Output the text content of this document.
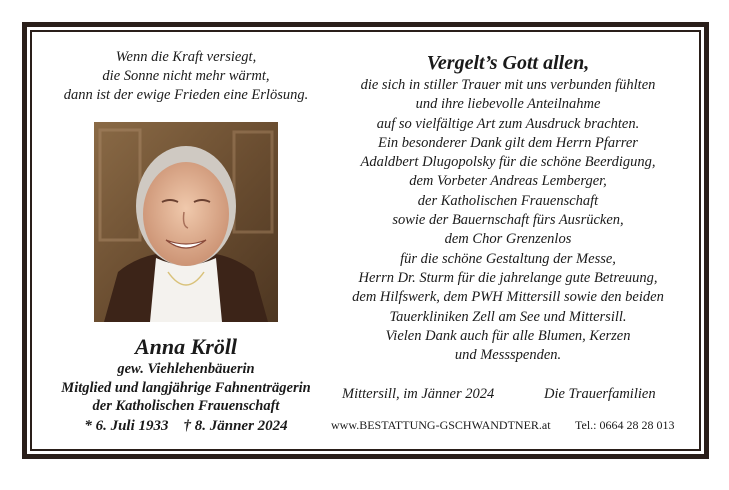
Wenn die Kraft versiegt,
die Sonne nicht mehr wärmt,
dann ist der ewige Frieden eine Erlösung.
Anna Kröll
gew. Viehlehenbäuerin
Mitglied und langjährige Fahnenträgerin
der Katholischen Frauenschaft
* 6. Juli 1933 † 8. Jänner 2024
Vergelt’s Gott allen,
die sich in stiller Trauer mit uns verbunden fühlten
und ihre liebevolle Anteilnahme
auf so vielfältige Art zum Ausdruck brachten.
Ein besonderer Dank gilt dem Herrn Pfarrer
Adaldbert Dlugopolsky für die schöne Beerdigung,
dem Vorbeter Andreas Lemberger,
der Katholischen Frauenschaft
sowie der Bauernschaft fürs Ausrücken,
dem Chor Grenzenlos
für die schöne Gestaltung der Messe,
Herrn Dr. Sturm für die jahrelange gute Betreuung,
dem Hilfswerk, dem PWH Mittersill sowie den beiden
Tauerkliniken Zell am See und Mittersill.
Vielen Dank auch für alle Blumen, Kerzen
und Messspenden.
Mittersill, im Jänner 2024	Die Trauerfamilien
www.BESTATTUNG-GSCHWANDTNER.at Tel.: 0664 28 28 013
